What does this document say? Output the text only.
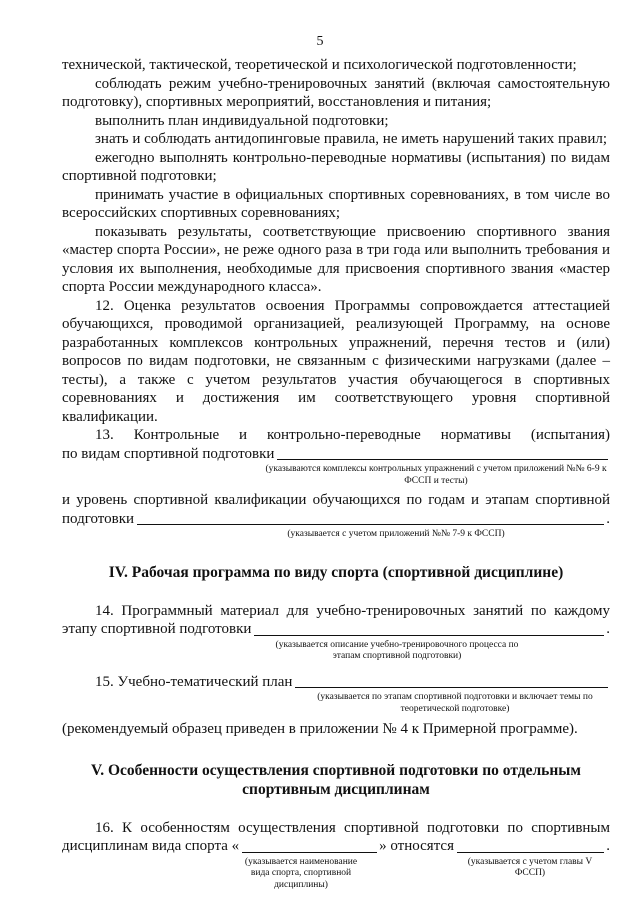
5

технической, тактической, теоретической и психологической подготовленности;

соблюдать режим учебно-тренировочных занятий (включая самостоятельную подготовку), спортивных мероприятий, восстановления и питания;

выполнить план индивидуальной подготовки;

знать и соблюдать антидопинговые правила, не иметь нарушений таких правил;

ежегодно выполнять контрольно-переводные нормативы (испытания) по видам спортивной подготовки;

принимать участие в официальных спортивных соревнованиях, в том числе во всероссийских спортивных соревнованиях;

показывать результаты, соответствующие присвоению спортивного звания «мастер спорта России», не реже одного раза в три года или выполнить требования и условия их выполнения, необходимые для присвоения спортивного звания «мастер спорта России международного класса».

12. Оценка результатов освоения Программы сопровождается аттестацией обучающихся, проводимой организацией, реализующей Программу, на основе разработанных комплексов контрольных упражнений, перечня тестов и (или) вопросов по видам подготовки, не связанным с физическими нагрузками (далее – тесты), а также с учетом результатов участия обучающегося в спортивных соревнованиях и достижения им соответствующего уровня спортивной квалификации.

13. Контрольные и контрольно-переводные нормативы (испытания)

по видам спортивной подготовки
(указываются комплексы контрольных упражнений с учетом приложений №№ 6-9 к ФССП и тесты)

и уровень спортивной квалификации обучающихся по годам и этапам спортивной

подготовки	.
(указывается с учетом приложений №№ 7-9 к ФССП)

IV. Рабочая программа по виду спорта (спортивной дисциплине)

14. Программный материал для учебно-тренировочных занятий по каждому

этапу спортивной подготовки	.
(указывается описание учебно-тренировочного процесса по этапам спортивной подготовки)
15. Учебно-тематический план
(указывается по этапам спортивной подготовки и включает темы по теоретической подготовке)

(рекомендуемый образец приведен в приложении № 4 к Примерной программе).

V. Особенности осуществления спортивной подготовки по отдельным спортивным дисциплинам

16. К особенностям осуществления спортивной подготовки по спортивным

дисциплинам вида спорта «	» относятся	.
(указывается наименование вида спорта, спортивной дисциплины)
(указывается с учетом главы V ФССП)
